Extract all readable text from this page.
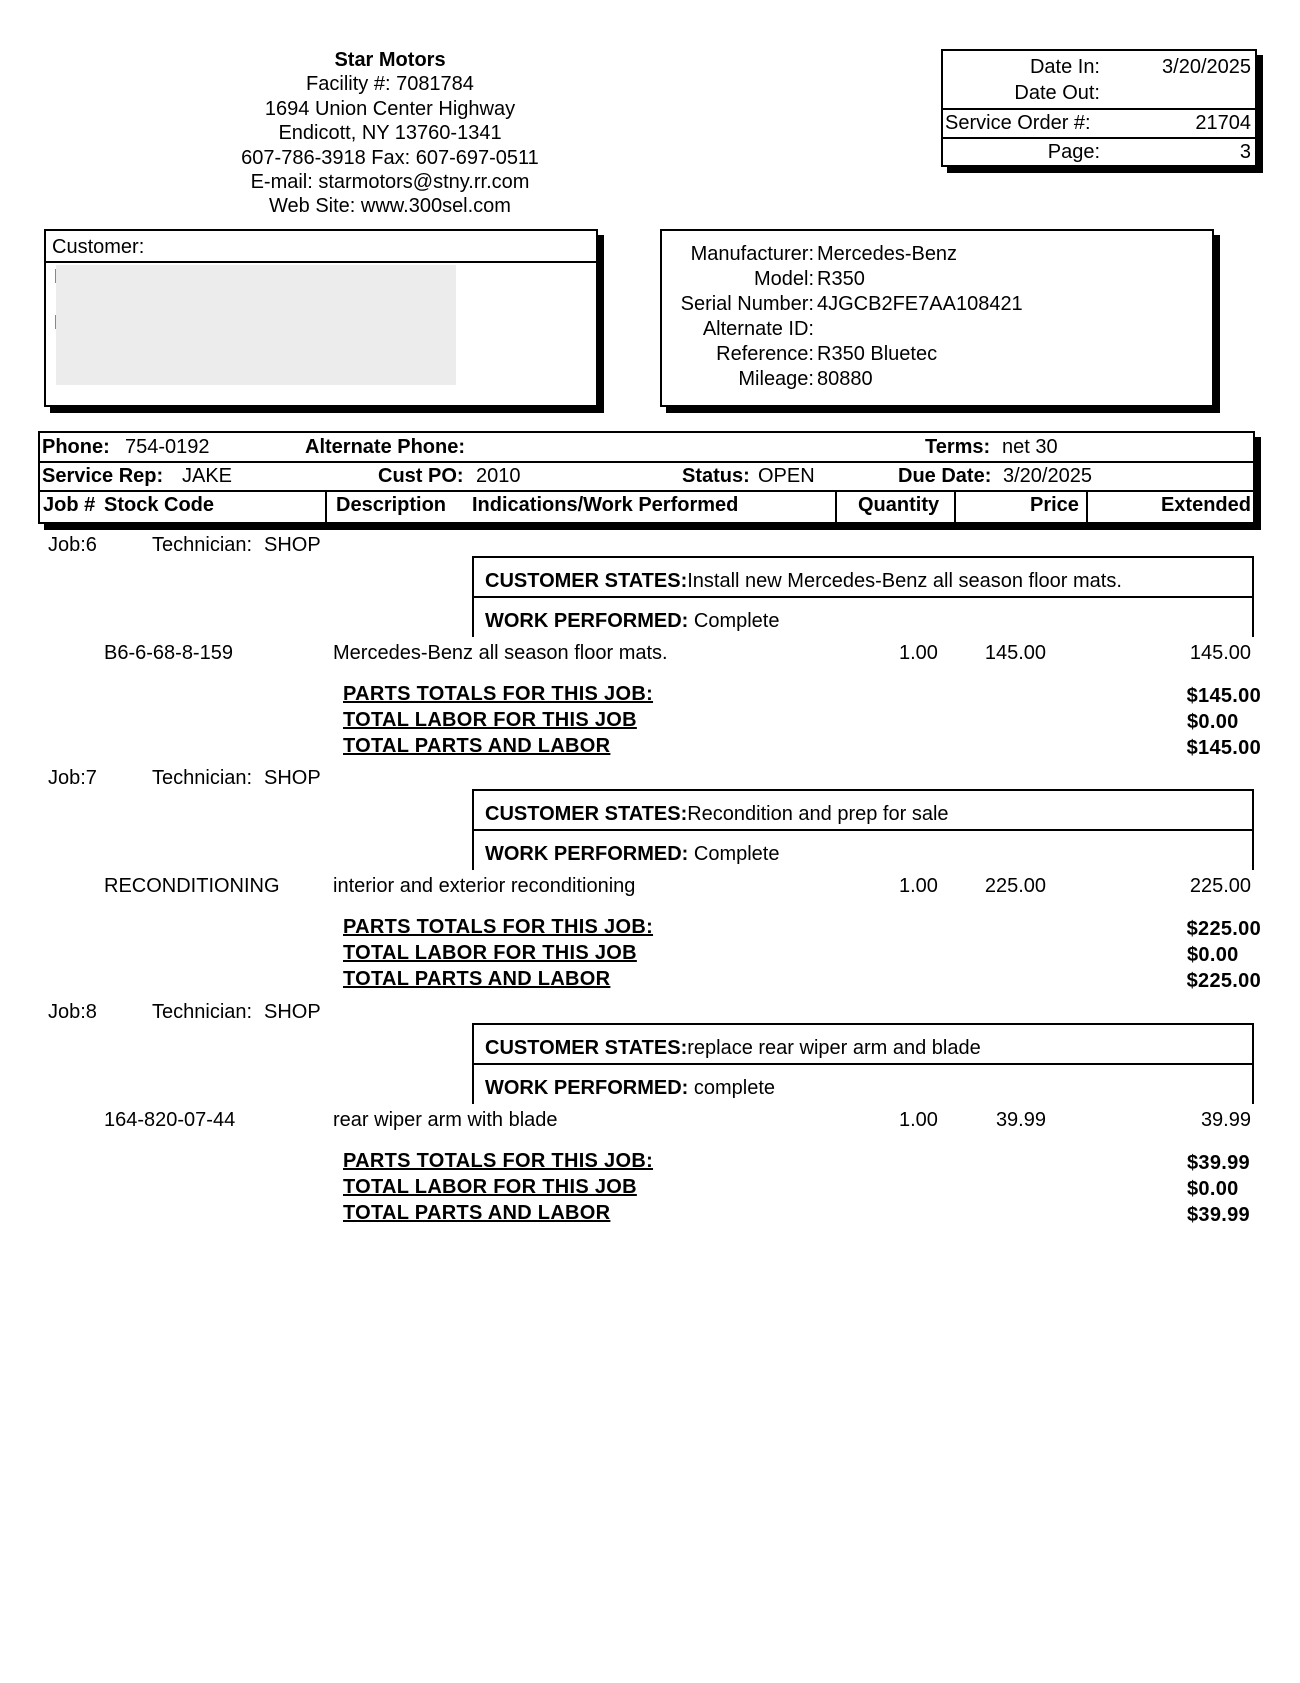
Star Motors
Facility #: 7081784
1694 Union Center Highway
Endicott, NY 13760-1341
607-786-3918 Fax: 607-697-0511
E-mail: starmotors@stny.rr.com
Web Site: www.300sel.com
Date In:	3/20/2025
Date Out:
Service Order #:	21704
Page:	3
Customer:	Manufacturer: Mercedes-Benz
Model: R350
Serial Number: 4JGCB2FE7AA108421
Alternate ID:
Reference: R350 Bluetec
Mileage: 80880
Phone: 754-0192	Alternate Phone:	Terms: net 30
Service Rep: JAKE	Cust PO: 2010	Status: OPEN	Due Date: 3/20/2025
Job # Stock Code	Description Indications/Work Performed	Quantity	Price	Extended
Job:6	Technician: SHOP
CUSTOMER STATES:Install new Mercedes-Benz all season floor mats.
WORK PERFORMED: Complete
B6-6-68-8-159	Mercedes-Benz all season floor mats.	1.00 145.00	145.00
PARTS TOTALS FOR THIS JOB:	$145.00
TOTAL LABOR FOR THIS JOB	$0.00
TOTAL PARTS AND LABOR	$145.00
Job:7	Technician: SHOP
CUSTOMER STATES:Recondition and prep for sale
WORK PERFORMED: Complete
RECONDITIONING	interior and exterior reconditioning	1.00 225.00	225.00
PARTS TOTALS FOR THIS JOB:	$225.00
TOTAL LABOR FOR THIS JOB	$0.00
TOTAL PARTS AND LABOR	$225.00
Job:8	Technician: SHOP
CUSTOMER STATES:replace rear wiper arm and blade
WORK PERFORMED: complete
164-820-07-44	rear wiper arm with blade	1.00	39.99	39.99
PARTS TOTALS FOR THIS JOB:	$39.99
TOTAL LABOR FOR THIS JOB	$0.00
TOTAL PARTS AND LABOR	$39.99
